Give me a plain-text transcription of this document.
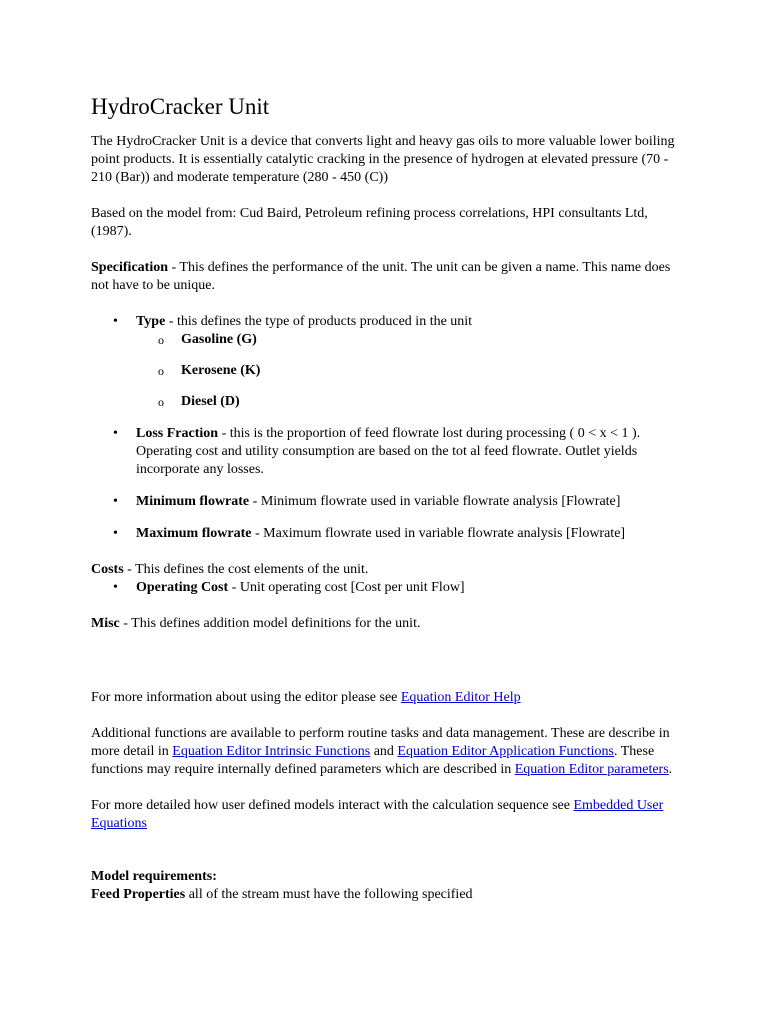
HydroCracker Unit

The HydroCracker Unit is a device that converts light and heavy gas oils to more valuable lower boiling point products. It is essentially catalytic cracking in the presence of hydrogen at elevated pressure (70 - 210 (Bar)) and moderate temperature (280 - 450 (C))

Based on the model from: Cud Baird, Petroleum refining process correlations, HPI consultants Ltd, (1987).

Specification - This defines the performance of the unit. The unit can be given a name. This name does not have to be unique.

• Type - this defines the type of products produced in the unit
o Gasoline (G)
o Kerosene (K)
o Diesel (D)
• Loss Fraction - this is the proportion of feed flowrate lost during processing ( 0 < x < 1 ). Operating cost and utility consumption are based on the tot al feed flowrate. Outlet yields incorporate any losses.
• Minimum flowrate - Minimum flowrate used in variable flowrate analysis [Flowrate]
• Maximum flowrate - Maximum flowrate used in variable flowrate analysis [Flowrate]

Costs - This defines the cost elements of the unit.

• Operating Cost - Unit operating cost [Cost per unit Flow]

Misc - This defines addition model definitions for the unit.

For more information about using the editor please see Equation Editor Help

Additional functions are available to perform routine tasks and data management. These are describe in more detail in Equation Editor Intrinsic Functions and Equation Editor Application Functions. These functions may require internally defined parameters which are described in Equation Editor parameters.

For more detailed how user defined models interact with the calculation sequence see Embedded User Equations

Model requirements:

Feed Properties all of the stream must have the following specified
